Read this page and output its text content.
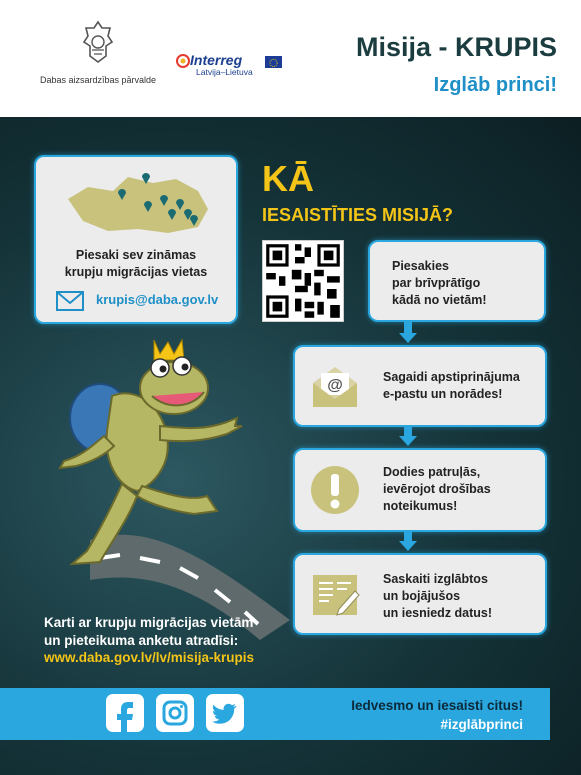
Dabas aizsardzības pārvalde
Interreg
Latvija–Lietuva
Misija - KRUPIS
Izglāb princi!
Piesaki sev zināmas
krupju migrācijas vietas
krupis@daba.gov.lv
KĀ
IESAISTĪTIES MISIJĀ?
Piesakies
par brīvprātīgo
kādā no vietām!
@	Sagaidi apstiprinājuma
e-pastu un norādes!
Dodies patruļās,
ievērojot drošības
noteikumus!
Saskaiti izglābtos
un bojājušos
un iesniedz datus!
Karti ar krupju migrācijas vietām
un pieteikuma anketu atradīsi:
www.daba.gov.lv/lv/misija-krupis
Iedvesmo un iesaisti citus!
#izglābprinci
